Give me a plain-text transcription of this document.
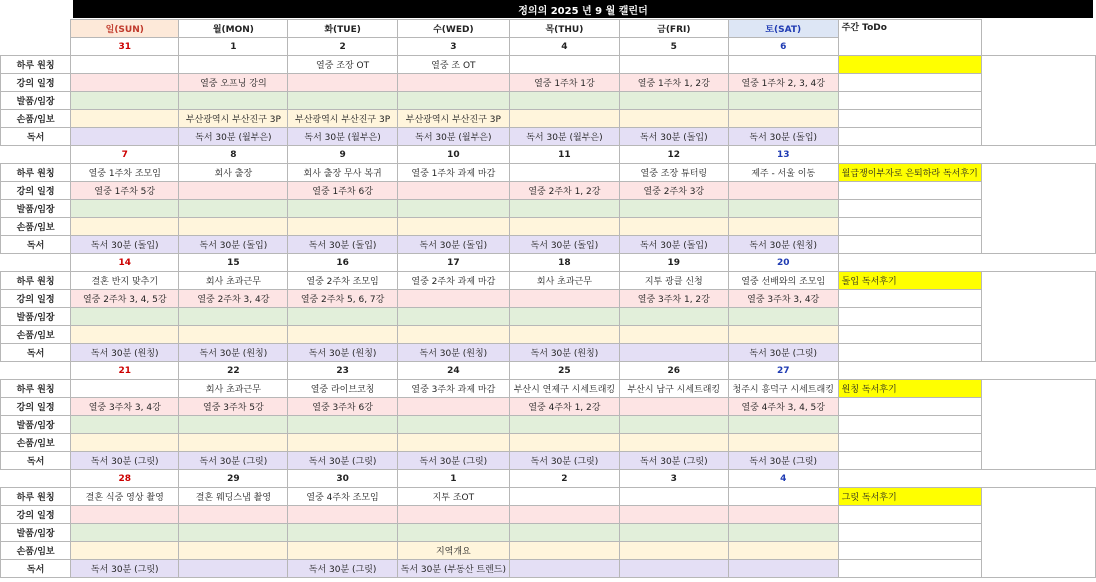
정의의 2025 년 9 월 캘린더
	일(SUN)	월(MON)	화(TUE)	수(WED)	목(THU)	금(FRI)	토(SAT)	주간 ToDo	
	31	1	2	3	4	5	6		
하루 원칭			열중 조장 OT	열중 조 OT					
강의 일정		열중 오프닝 강의			열중 1주차 1강	열중 1주차 1, 2강	열중 1주차 2, 3, 4강		
발품/임장									
손품/임보		부산광역시 부산진구 3P	부산광역시 부산진구 3P	부산광역시 부산진구 3P					
독서		독서 30분 (월부은)	독서 30분 (월부은)	독서 30분 (월부은)	독서 30분 (월부은)	독서 30분 (돌입)	독서 30분 (돌입)		
	7	8	9	10	11	12	13		
하루 원칭	열중 1주차 조모임	회사 출장	회사 출장 무사 복귀	열중 1주차 과제 마감		열중 조장 튜터링	제주 - 서울 이동	월급쟁이부자로 은퇴하라 독서후기	
강의 일정	열중 1주차 5강		열중 1주차 6강		열중 2주차 1, 2강	열중 2주차 3강			
발품/임장									
손품/임보									
독서	독서 30분 (돌입)	독서 30분 (돌입)	독서 30분 (돌입)	독서 30분 (돌입)	독서 30분 (돌입)	독서 30분 (돌입)	독서 30분 (원칭)		
	14	15	16	17	18	19	20		
하루 원칭	결혼 반지 맞추기	회사 초과근무	열중 2주차 조모임	열중 2주차 과제 마감	회사 초과근무	지투 광클 신청	열중 선배와의 조모임	돌입 독서후기	
강의 일정	열중 2주차 3, 4, 5강	열중 2주차 3, 4강	열중 2주차 5, 6, 7강			열중 3주차 1, 2강	열중 3주차 3, 4강		
발품/임장									
손품/임보									
독서	독서 30분 (원칭)	독서 30분 (원칭)	독서 30분 (원칭)	독서 30분 (원칭)	독서 30분 (원칭)		독서 30분 (그릿)		
	21	22	23	24	25	26	27		
하루 원칭		회사 초과근무	열중 라이브코칭	열중 3주차 과제 마감	부산시 연제구 시세트래킹	부산시 남구 시세트래킹	청주시 흥덕구 시세트래킹	원칭 독서후기	
강의 일정	열중 3주차 3, 4강	열중 3주차 5강	열중 3주차 6강		열중 4주차 1, 2강		열중 4주차 3, 4, 5강		
발품/임장									
손품/임보									
독서	독서 30분 (그릿)	독서 30분 (그릿)	독서 30분 (그릿)	독서 30분 (그릿)	독서 30분 (그릿)	독서 30분 (그릿)	독서 30분 (그릿)		
	28	29	30	1	2	3	4		
하루 원칭	결혼 식중 영상 촬영	결혼 웨딩스냅 촬영	열중 4주차 조모임	지투 조OT				그릿 독서후기	
강의 일정									
발품/임장									
손품/임보				지역개요					
독서	독서 30분 (그릿)		독서 30분 (그릿)	독서 30분 (부동산 트렌드)					
